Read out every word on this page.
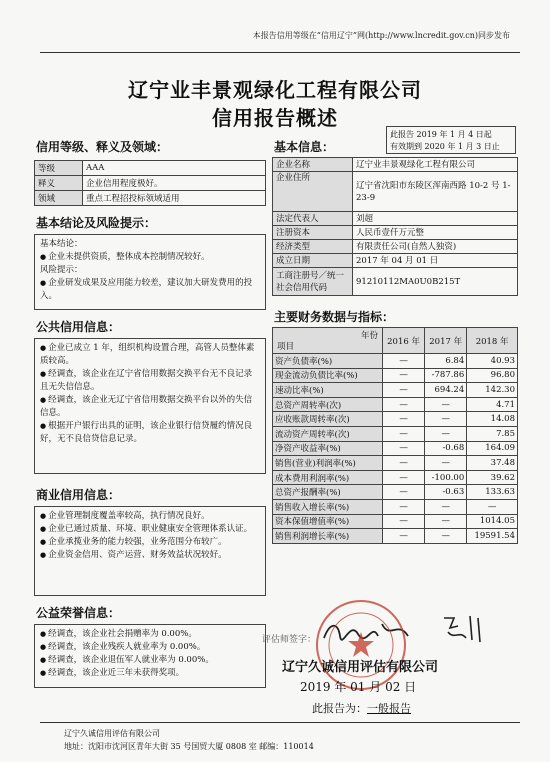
本报告信用等级在“信用辽宁”网(http://www.lncredit.gov.cn)同步发布
辽宁业丰景观绿化工程有限公司
信用报告概述
此报告 2019 年 1 月 4 日起
有效期到 2020 年 1 月 3 日止
信用等级、释义及领域：
等级	AAA
释义	企业信用程度极好。
领域	重点工程招投标领域适用
基本信息：
企业名称	辽宁业丰景观绿化工程有限公司
企业住所	辽宁省沈阳市东陵区浑南西路 10-2 号 1-23-9
法定代表人	刘超
注册资本	人民币壹仟万元整
经济类型	有限责任公司(自然人独资)
成立日期	2017 年 04 月 01 日
工商注册号／统一社会信用代码	91210112MA0U0B215T
基本结论及风险提示：

基本结论：

● 企业未提供资质，整体成本控制情况较好。

风险提示：

● 企业研发成果及应用能力较差，建议加大研发费用的投入。

公共信用信息：

● 企业已成立 1 年，组织机构设置合理，高管人员整体素质较高。

● 经调查，该企业在辽宁省信用数据交换平台无不良记录且无失信信息。

● 经调查，该企业无辽宁省信用数据交换平台以外的失信信息。

● 根据开户银行出具的证明，该企业银行信贷履约情况良好，无不良信贷信息记录。

商业信用信息：

● 企业管理制度覆盖率较高，执行情况良好。

● 企业已通过质量、环境、职业健康安全管理体系认证。

● 企业承揽业务的能力较强，业务范围分布较广。

● 企业资金信用、资产运营、财务效益状况较好。

公益荣誉信息：

● 经调查，该企业社会捐赠率为 0.00%。

● 经调查，该企业残疾人就业率为 0.00%。

● 经调查，该企业退伍军人就业率为 0.00%。

● 经调查，该企业近三年未获得奖项。

主要财务数据与指标：
年份
项目	2016 年	2017 年	2018 年
资产负债率(%)	—	6.84	40.93
现金流动负债比率(%)	—	-787.86	96.80
速动比率(%)	—	694.24	142.30
总资产周转率(次)	—	—	4.71
应收账款周转率(次)	—	—	14.08
流动资产周转率(次)	—	—	7.85
净资产收益率(%)	—	-0.68	164.09
销售(营业)利润率(%)	—	—	37.48
成本费用利润率(%)	—	-100.00	39.62
总资产报酬率(%)	—	-0.63	133.63
销售收入增长率(%)	—	—	—
资本保值增值率(%)	—	—	1014.05
销售利润增长率(%)	—	—	19591.54
评估师签字：
辽宁久诚信用评估有限公司
2019 年 01 月 02 日
此报告为：一般报告
辽宁久诚信用评估有限公司
地址：沈阳市沈河区青年大街 35 号国贸大厦 0808 室 邮编：110014
